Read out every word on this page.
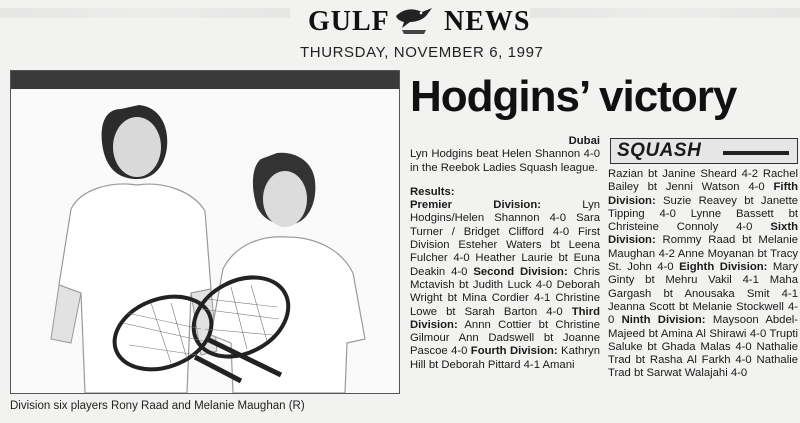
GULF NEWS
THURSDAY, NOVEMBER 6, 1997
Division six players Rony Raad and Melanie Maughan (R)
Hodgins’ victory
SQUASH
Dubai
Lyn Hodgins beat Helen Shannon 4-0 in the Reebok Ladies Squash league.
Results:
Premier Division: Lyn Hodgins/Helen Shannon 4-0 Sara Turner / Bridget Clifford 4-0 First Division Esteher Waters bt Leena Fulcher 4-0 Heather Laurie bt Euna Deakin 4-0 Second Division: Chris Mctavish bt Judith Luck 4-0 Deborah Wright bt Mina Cordier 4-1 Christine Lowe bt Sarah Barton 4-0 Third Division: Annn Cottier bt Christine Gilmour Ann Dadswell bt Joanne Pascoe 4-0 Fourth Division: Kathryn Hill bt Deborah Pittard 4-1 Amani
Razian bt Janine Sheard 4-2 Rachel Bailey bt Jenni Watson 4-0 Fifth Division: Suzie Reavey bt Janette Tipping 4-0 Lynne Bassett bt Christeine Connoly 4-0 Sixth Division: Rommy Raad bt Melanie Maughan 4-2 Anne Moyanan bt Tracy St. John 4-0 Eighth Division: Mary Ginty bt Mehru Vakil 4-1 Maha Gargash bt Anousaka Smit 4-1 Jeanna Scott bt Melanie Stockwell 4-0 Ninth Division: Maysoon Abdel-Majeed bt Amina Al Shirawi 4-0 Trupti Saluke bt Ghada Malas 4-0 Nathalie Trad bt Rasha Al Farkh 4-0 Nathalie Trad bt Sarwat Walajahi 4-0
